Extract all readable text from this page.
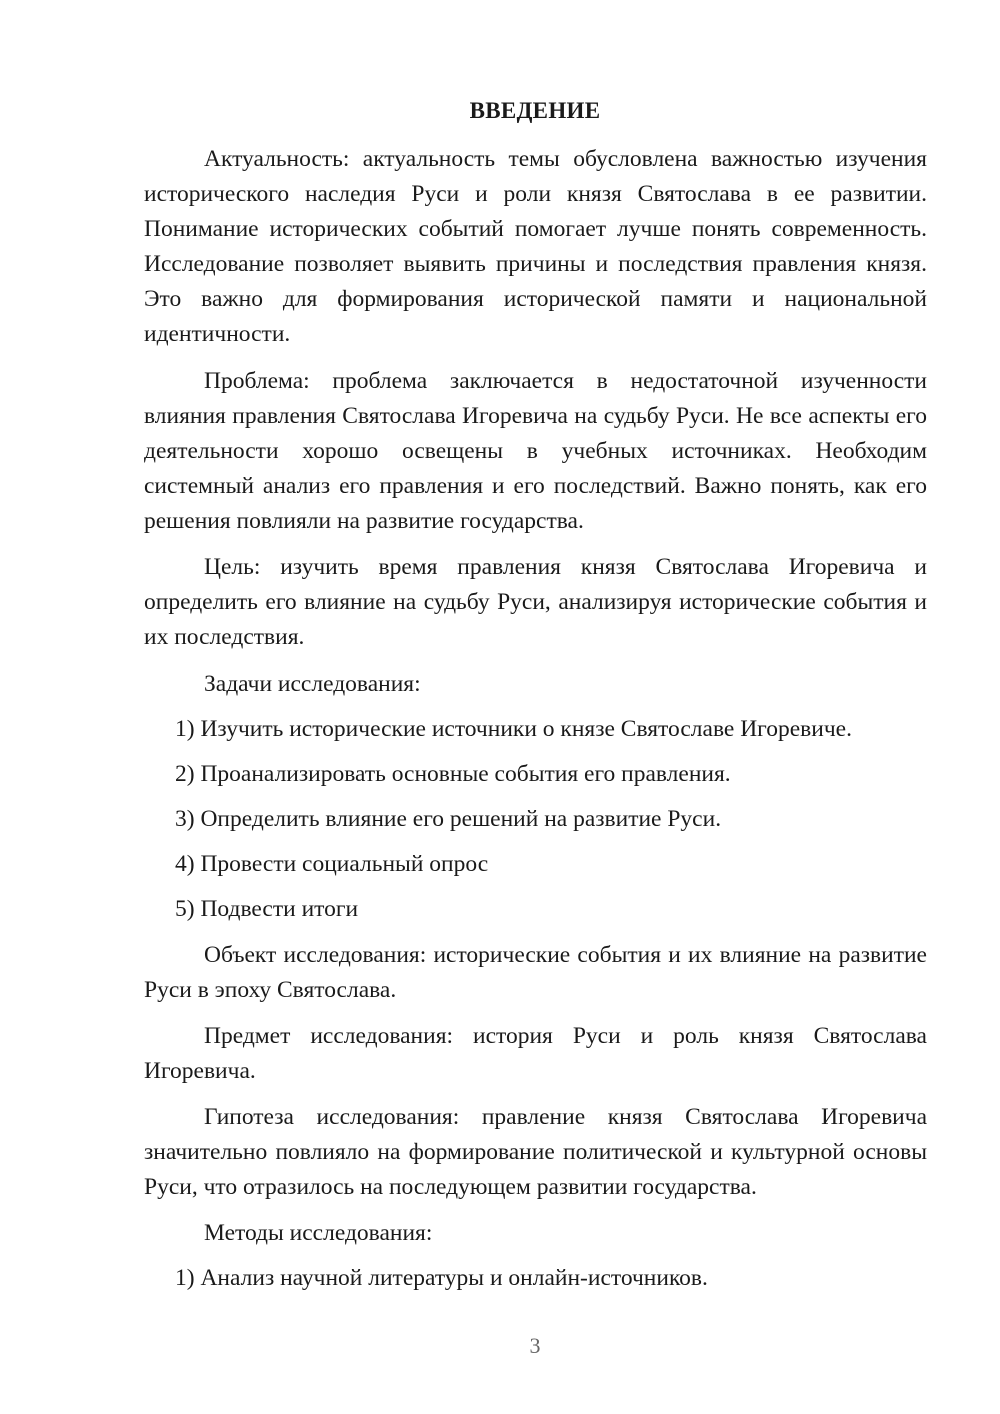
ВВЕДЕНИЕ

Актуальность: актуальность темы обусловлена важностью изучения исторического наследия Руси и роли князя Святослава в ее развитии. Понимание исторических событий помогает лучше понять современность. Исследование позволяет выявить причины и последствия правления князя. Это важно для формирования исторической памяти и национальной идентичности.

Проблема: проблема заключается в недостаточной изученности влияния правления Святослава Игоревича на судьбу Руси. Не все аспекты его деятельности хорошо освещены в учебных источниках. Необходим системный анализ его правления и его последствий. Важно понять, как его решения повлияли на развитие государства.

Цель: изучить время правления князя Святослава Игоревича и определить его влияние на судьбу Руси, анализируя исторические события и их последствия.

Задачи исследования:

1) Изучить исторические источники о князе Святославе Игоревиче.

2) Проанализировать основные события его правления.

3) Определить влияние его решений на развитие Руси.

4) Провести социальный опрос

5) Подвести итоги

Объект исследования: исторические события и их влияние на развитие Руси в эпоху Святослава.

Предмет исследования: история Руси и роль князя Святослава Игоревича.

Гипотеза исследования: правление князя Святослава Игоревича значительно повлияло на формирование политической и культурной основы Руси, что отразилось на последующем развитии государства.

Методы исследования:

1) Анализ научной литературы и онлайн-источников.

3
